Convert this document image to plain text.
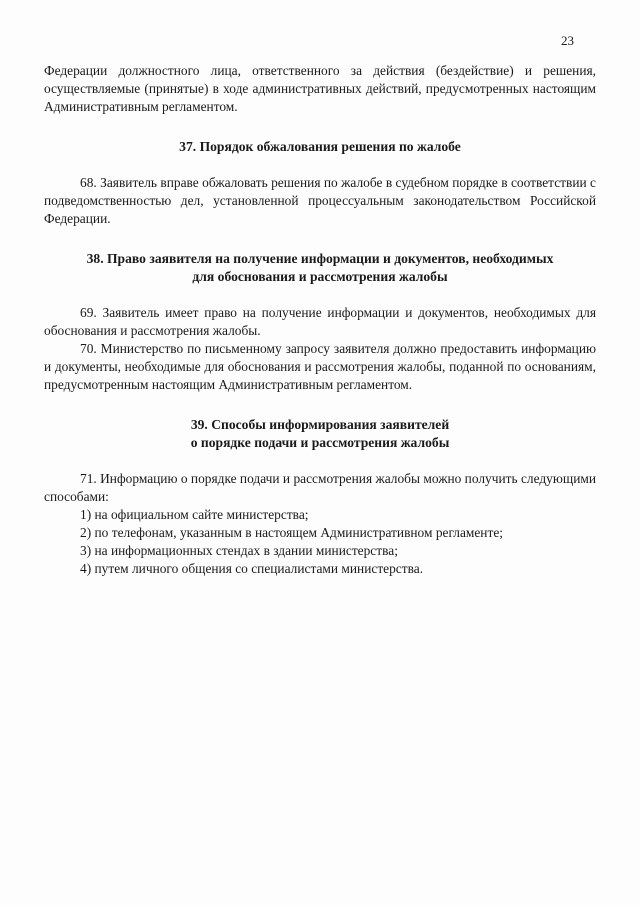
23

Федерации должностного лица, ответственного за действия (бездействие) и решения, осуществляемые (принятые) в ходе административных действий, предусмотренных настоящим Административным регламентом.

37. Порядок обжалования решения по жалобе

68. Заявитель вправе обжаловать решения по жалобе в судебном порядке в соответствии с подведомственностью дел, установленной процессуальным законодательством Российской Федерации.

38. Право заявителя на получение информации и документов, необходимых
для обоснования и рассмотрения жалобы

69. Заявитель имеет право на получение информации и документов, необходимых для обоснования и рассмотрения жалобы.

70. Министерство по письменному запросу заявителя должно предоставить информацию и документы, необходимые для обоснования и рассмотрения жалобы, поданной по основаниям, предусмотренным настоящим Административным регламентом.

39. Способы информирования заявителей
о порядке подачи и рассмотрения жалобы

71. Информацию о порядке подачи и рассмотрения жалобы можно получить следующими способами:

1) на официальном сайте министерства;

2) по телефонам, указанным в настоящем Административном регламенте;

3) на информационных стендах в здании министерства;

4) путем личного общения со специалистами министерства.
